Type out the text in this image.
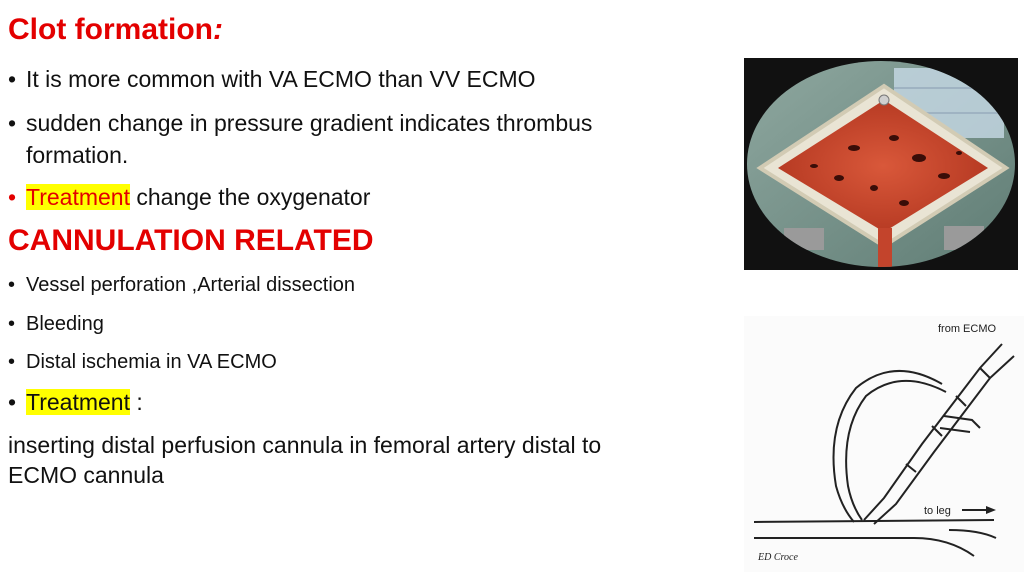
Clot formation:
• It is more common with VA ECMO than VV ECMO
• sudden change in pressure gradient indicates thrombus
formation.
• Treatment change the oxygenator
CANNULATION RELATED
• Vessel perforation ,Arterial dissection
• Bleeding
• Distal ischemia in VA ECMO
• Treatment :
inserting distal perfusion cannula in femoral artery distal to
ECMO cannula
from ECMO
to leg
ED Croce
